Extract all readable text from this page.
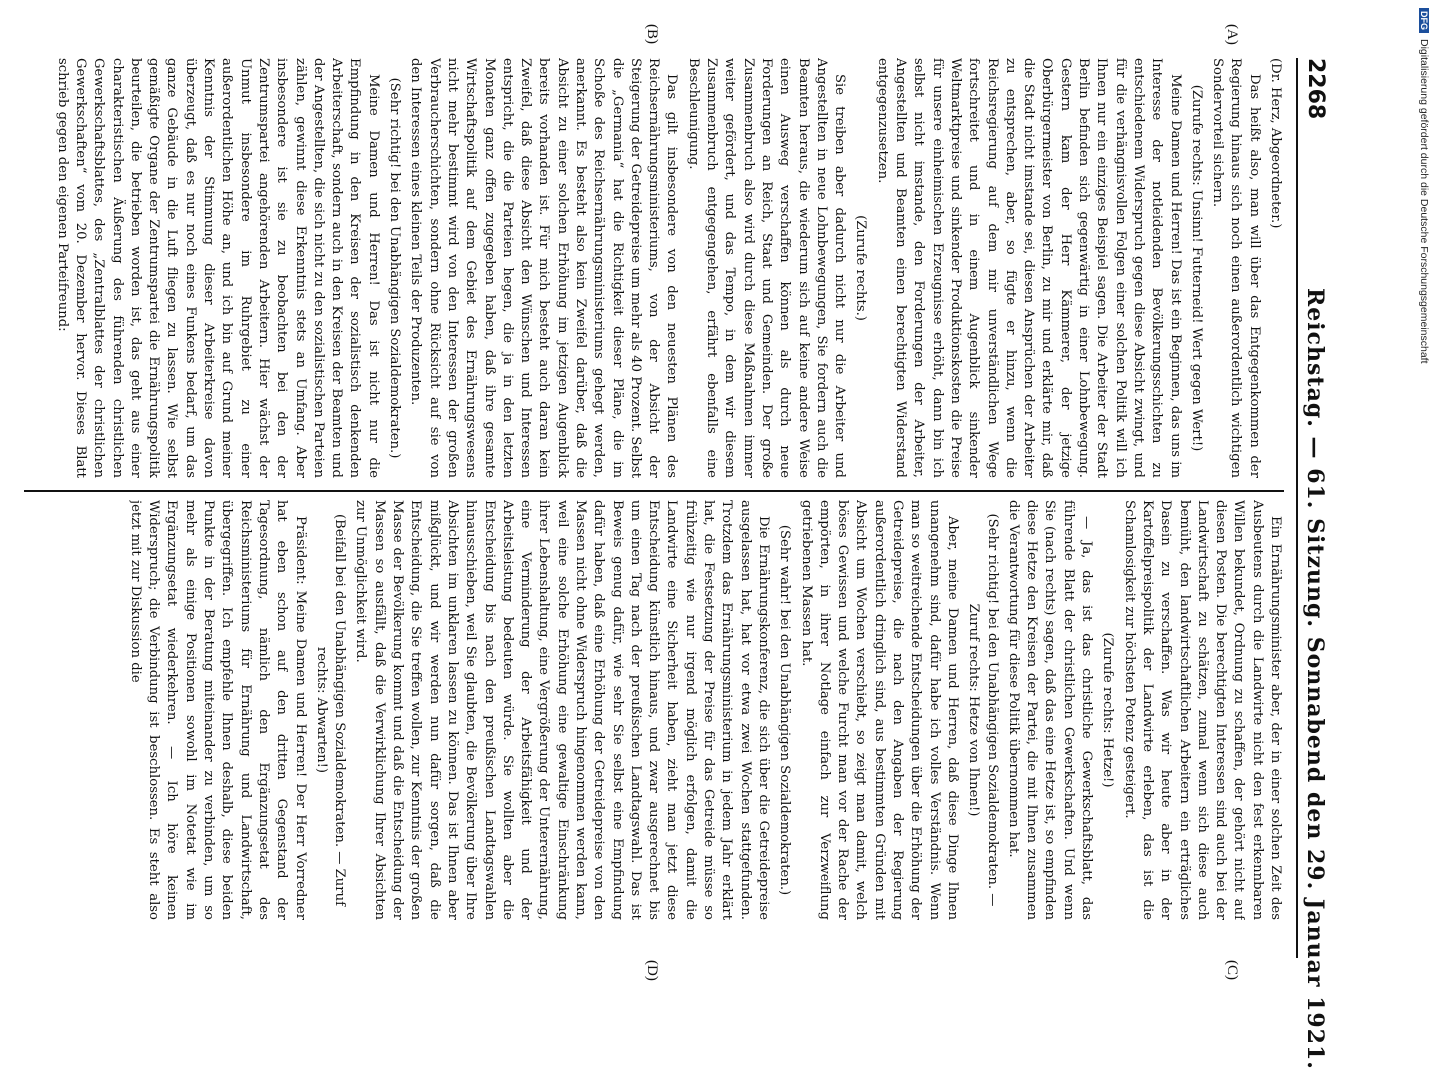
2268
Reichstag. — 61. Sitzung. Sonnabend den 29. Januar 1921.
(A)
(B)
(C)
(D)

(Dr. Herz, Abgeordneter.)

Das heißt also, man will über das Entgegenkommen der Regierung hinaus sich noch einen außerordentlich wichtigen Sondervorteil sichern.

(Zurufe rechts: Unsinn! Futterneid! Wert gegen Wert!)

Meine Damen und Herren! Das ist ein Beginnen, das uns im Interesse der notleidenden Bevölkerungsschichten zu entschiedenem Widerspruch gegen diese Absicht zwingt, und für die verhängnisvollen Folgen einer solchen Politik will ich Ihnen nur ein einziges Beispiel sagen. Die Arbeiter der Stadt Berlin befinden sich gegenwärtig in einer Lohnbewegung. Gestern kam der Herr Kämmerer, der jetzige Oberbürgermeister von Berlin, zu mir und erklärte mir, daß die Stadt nicht imstande sei, diesen Ansprüchen der Arbeiter zu entsprechen, aber, so fügte er hinzu, wenn die Reichsregierung auf dem mir unverständlichen Wege fortschreitet und in einem Augenblick sinkender Weltmarktpreise und sinkender Produktionskosten die Preise für unsere einheimischen Erzeugnisse erhöht, dann bin ich selbst nicht imstande, den Forderungen der Arbeiter, Angestellten und Beamten einen berechtigten Widerstand entgegenzusetzen.

(Zurufe rechts.)

Sie treiben aber dadurch nicht nur die Arbeiter und Angestellten in neue Lohnbewegungen, Sie fordern auch die Beamten heraus, die wiederum sich auf keine andere Weise einen Ausweg verschaffen können als durch neue Forderungen an Reich, Staat und Gemeinden. Der große Zusammenbruch also wird durch diese Maßnahmen immer weiter gefördert, und das Tempo, in dem wir diesem Zusammenbruch entgegengehen, erfährt ebenfalls eine Beschleunigung.

Das gilt insbesondere von den neuesten Plänen des Reichsernährungsministeriums, von der Absicht der Steigerung der Getreidepreise um mehr als 40 Prozent. Selbst die „Germania“ hat die Richtigkeit dieser Pläne, die im Schoße des Reichsernährungsministeriums gehegt werden, anerkannt. Es besteht also kein Zweifel darüber, daß die Absicht zu einer solchen Erhöhung im jetzigen Augenblick bereits vorhanden ist. Für mich besteht auch daran kein Zweifel, daß diese Absicht den Wünschen und Interessen entspricht, die die Parteien hegen, die ja in den letzten Monaten ganz offen zugegeben haben, daß ihre gesamte Wirtschaftspolitik auf dem Gebiet des Ernährungswesens nicht mehr bestimmt wird von den Interessen der großen Verbraucherschichten, sondern ohne Rücksicht auf sie von den Interessen eines kleinen Teils der Produzenten.

(Sehr richtig! bei den Unabhängigen Sozialdemokraten.)

Meine Damen und Herren! Das ist nicht nur die Empfindung in den Kreisen der sozialistisch denkenden Arbeiterschaft, sondern auch in den Kreisen der Beamten und der Angestellten, die sich nicht zu den sozialistischen Parteien zählen, gewinnt diese Erkenntnis stets an Umfang. Aber insbesondere ist sie zu beobachten bei den der Zentrumspartei angehörenden Arbeitern. Hier wächst der Unmut insbesondere im Ruhrgebiet zu einer außerordentlichen Höhe an, und ich bin auf Grund meiner Kenntnis der Stimmung dieser Arbeiterkreise davon überzeugt, daß es nur noch eines Funkens bedarf, um das ganze Gebäude in die Luft fliegen zu lassen. Wie selbst gemäßigte Organe der Zentrumspartei die Ernährungspolitik beurteilen, die betrieben worden ist, das geht aus einer charakteristischen Äußerung des führenden christlichen Gewerkschaftsblattes, des „Zentralblattes der christlichen Gewerkschaften“ vom 20. Dezember hervor. Dieses Blatt schrieb gegen den eigenen Parteifreund:

Ein Ernährungsminister aber, der in einer solchen Zeit des Ausbeutens durch die Landwirte nicht den fest erkennbaren Willen bekundet, Ordnung zu schaffen, der gehört nicht auf diesen Posten. Die berechtigten Interessen sind auch bei der Landwirtschaft zu schätzen, zumal wenn sich diese auch bemüht, den landwirtschaftlichen Arbeitern ein erträgliches Dasein zu verschaffen. Was wir heute aber in der Kartoffelpreispolitik der Landwirte erleben, das ist die Schamlosigkeit zur höchsten Potenz gesteigert.

(Zurufe rechts: Hetze!)

— Ja, das ist das christliche Gewerkschaftsblatt, das führende Blatt der christlichen Gewerkschaften. Und wenn Sie (nach rechts) sagen, daß das eine Hetze ist, so empfinden diese Hetze den Kreisen der Partei, die mit Ihnen zusammen die Verantwortung für diese Politik übernommen hat.

(Sehr richtig! bei den Unabhängigen Sozialdemokraten. — Zuruf rechts: Hetze von Ihnen!)

Aber, meine Damen und Herren, daß diese Dinge Ihnen unangenehm sind, dafür habe ich volles Verständnis. Wenn man so weitreichende Entscheidungen über die Erhöhung der Getreidepreise, die nach den Angaben der Regierung außerordentlich dringlich sind, aus bestimmten Gründen mit Absicht um Wochen verschiebt, so zeigt man damit, welch böses Gewissen und welche Furcht man vor der Rache der empörten, in ihrer Notlage einfach zur Verzweiflung getriebenen Massen hat.

(Sehr wahr! bei den Unabhängigen Sozialdemokraten.)

Die Ernährungskonferenz, die sich über die Getreidepreise ausgelassen hat, hat vor etwa zwei Wochen stattgefunden. Trotzdem das Ernährungsministerium in jedem Jahr erklärt hat, die Festsetzung der Preise für das Getreide müsse so frühzeitig wie nur irgend möglich erfolgen, damit die Landwirte eine Sicherheit haben, zieht man jetzt diese Entscheidung künstlich hinaus, und zwar ausgerechnet bis um einen Tag nach der preußischen Landtagswahl. Das ist Beweis genug dafür, wie sehr Sie selbst eine Empfindung dafür haben, daß eine Erhöhung der Getreidepreise von den Massen nicht ohne Widerspruch hingenommen werden kann, weil eine solche Erhöhung eine gewaltige Einschränkung ihrer Lebenshaltung, eine Vergrößerung der Unterernährung, eine Verminderung der Arbeitsfähigkeit und der Arbeitsleistung bedeuten würde. Sie wollten aber die Entscheidung bis nach den preußischen Landtagswahlen hinausschieben, weil Sie glaubten, die Bevölkerung über Ihre Absichten im unklaren lassen zu können. Das ist Ihnen aber mißglückt, und wir werden nun dafür sorgen, daß die Entscheidung, die Sie treffen wollen, zur Kenntnis der großen Masse der Bevölkerung kommt und daß die Entscheidung der Massen so ausfällt, daß die Verwirklichung Ihrer Absichten zur Unmöglichkeit wird.

(Beifall bei den Unabhängigen Sozialdemokraten. — Zuruf rechts: Abwarten!)

Präsident: Meine Damen und Herren! Der Herr Vorredner hat eben schon auf den dritten Gegenstand der Tagesordnung, nämlich den Ergänzungsetat des Reichsministeriums für Ernährung und Landwirtschaft, übergegriffen. Ich empfehle Ihnen deshalb, diese beiden Punkte in der Beratung miteinander zu verbinden, um so mehr als einige Positionen sowohl im Notetat wie im Ergänzungsetat wiederkehren. — Ich höre keinen Widerspruch; die Verbindung ist beschlossen. Es steht also jetzt mit zur Diskussion die

DFGDigitalisierung gefördert durch die Deutsche Forschungsgemeinschaft
